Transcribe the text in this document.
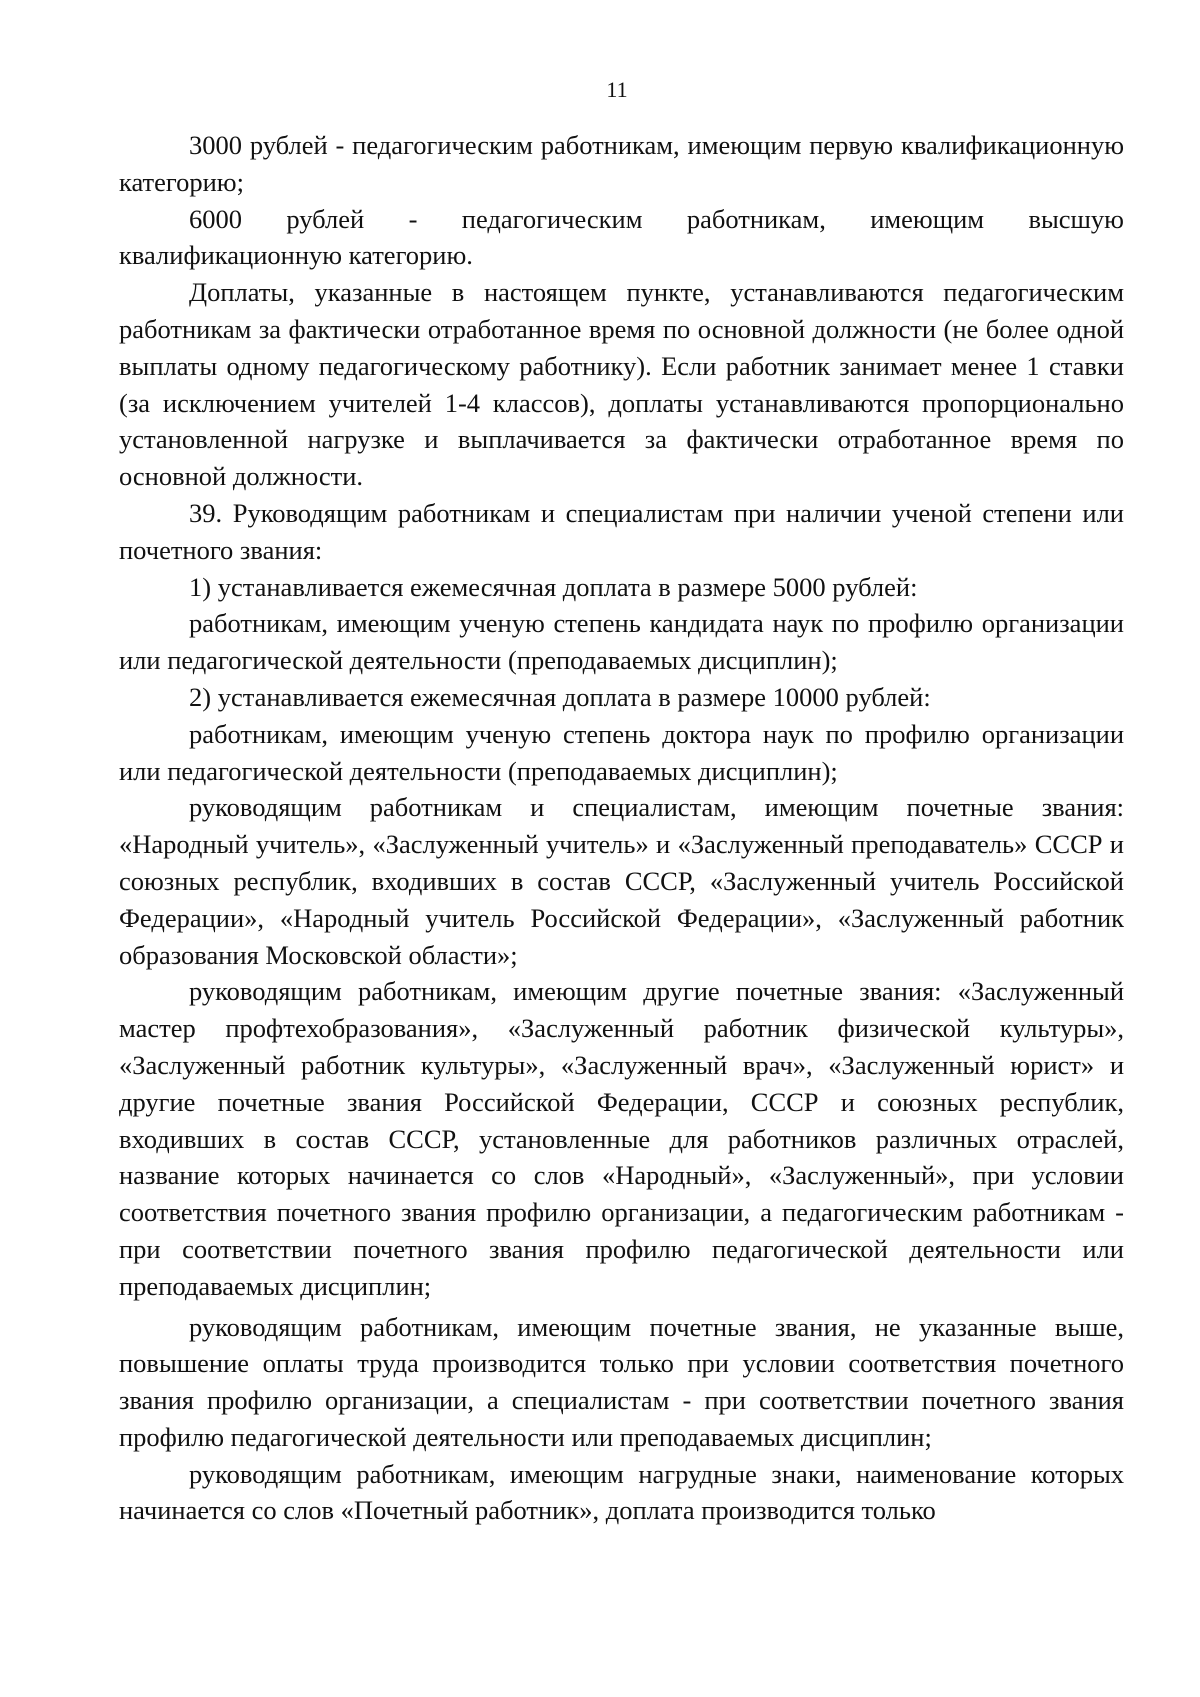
11

3000 рублей - педагогическим работникам, имеющим первую квалификационную категорию;

6000 рублей - педагогическим работникам, имеющим высшую квалификационную категорию.

Доплаты, указанные в настоящем пункте, устанавливаются педагогическим работникам за фактически отработанное время по основной должности (не более одной выплаты одному педагогическому работнику). Если работник занимает менее 1 ставки (за исключением учителей 1-4 классов), доплаты устанавливаются пропорционально установленной нагрузке и выплачивается за фактически отработанное время по основной должности.

39. Руководящим работникам и специалистам при наличии ученой степени или почетного звания:

1) устанавливается ежемесячная доплата в размере 5000 рублей:

работникам, имеющим ученую степень кандидата наук по профилю организации или педагогической деятельности (преподаваемых дисциплин);

2) устанавливается ежемесячная доплата в размере 10000 рублей:

работникам, имеющим ученую степень доктора наук по профилю организации или педагогической деятельности (преподаваемых дисциплин);

руководящим работникам и специалистам, имеющим почетные звания: «Народный учитель», «Заслуженный учитель» и «Заслуженный преподаватель» СССР и союзных республик, входивших в состав СССР, «Заслуженный учитель Российской Федерации», «Народный учитель Российской Федерации», «Заслуженный работник образования Московской области»;

руководящим работникам, имеющим другие почетные звания: «Заслуженный мастер профтехобразования», «Заслуженный работник физической культуры», «Заслуженный работник культуры», «Заслуженный врач», «Заслуженный юрист» и другие почетные звания Российской Федерации, СССР и союзных республик, входивших в состав СССР, установленные для работников различных отраслей, название которых начинается со слов «Народный», «Заслуженный», при условии соответствия почетного звания профилю организации, а педагогическим работникам - при соответствии почетного звания профилю педагогической деятельности или преподаваемых дисциплин;

руководящим работникам, имеющим почетные звания, не указанные выше, повышение оплаты труда производится только при условии соответствия почетного звания профилю организации, а специалистам - при соответствии почетного звания профилю педагогической деятельности или преподаваемых дисциплин;

руководящим работникам, имеющим нагрудные знаки, наименование которых начинается со слов «Почетный работник», доплата производится только
